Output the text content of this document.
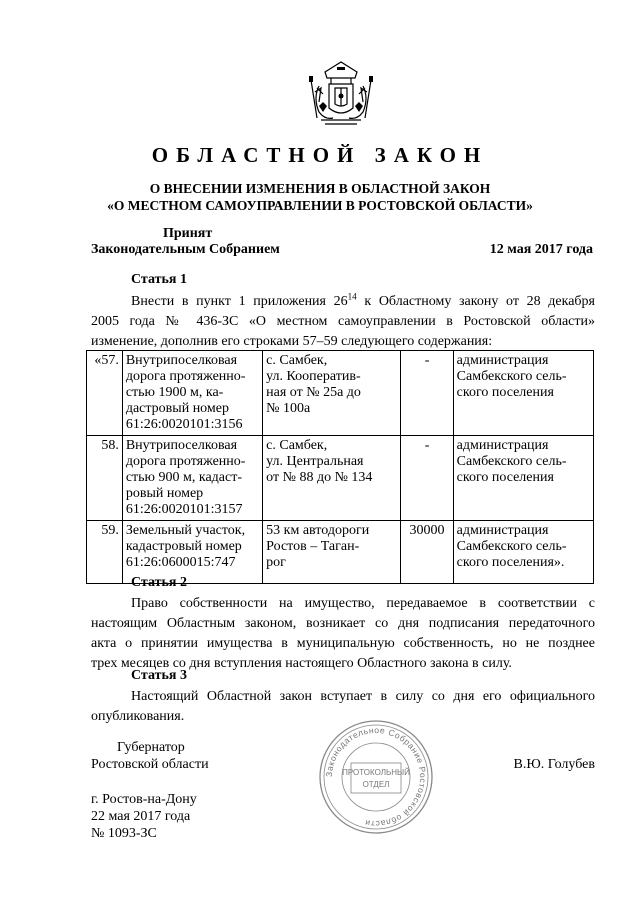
ОБЛАСТНОЙ ЗАКОН
О ВНЕСЕНИИ ИЗМЕНЕНИЯ В ОБЛАСТНОЙ ЗАКОН
«О МЕСТНОМ САМОУПРАВЛЕНИИ В РОСТОВСКОЙ ОБЛАСТИ»
Принят
Законодательным Собранием	12 мая 2017 года
Статья 1
Внести в пункт 1 приложения $26^{14}$ к Областному закону от 28 декабря
2005 года № 436-ЗС «О местном самоуправлении в Ростовской области»
изменение, дополнив его строками 57–59 следующего содержания:
«57.	Внутрипоселковая
дорога протяженно-
стью 1900 м, ка-
дастровый номер
61:26:0020101:3156	с. Самбек,
ул. Кооператив-
ная от № 25а до
№ 100а	-	администрация
Самбекского сель-
ского поселения

58.	Внутрипоселковая
дорога протяженно-
стью 900 м, кадаст-
ровый номер
61:26:0020101:3157	с. Самбек,
ул. Центральная
от № 88 до № 134	-	администрация
Самбекского сель-
ского поселения

59.	Земельный участок,
кадастровый номер
61:26:0600015:747	53 км автодороги
Ростов – Таган-
рог	30000	администрация
Самбекского сель-
ского поселения».
Статья 2
Право собственности на имущество, передаваемое в соответствии с
настоящим Областным законом, возникает со дня подписания передаточного
акта о принятии имущества в муниципальную собственность, но не позднее
трех месяцев со дня вступления настоящего Областного закона в силу.
Статья 3
Настоящий Областной закон вступает в силу со дня его официального
опубликования.
Губернатор
Ростовской области	В.Ю. Голубев
Законодательное Собрание Ростовской области
ПРОТОКОЛЬНЫЙ
ОТДЕЛ
г. Ростов-на-Дону
22 мая 2017 года
№ 1093-ЗС
